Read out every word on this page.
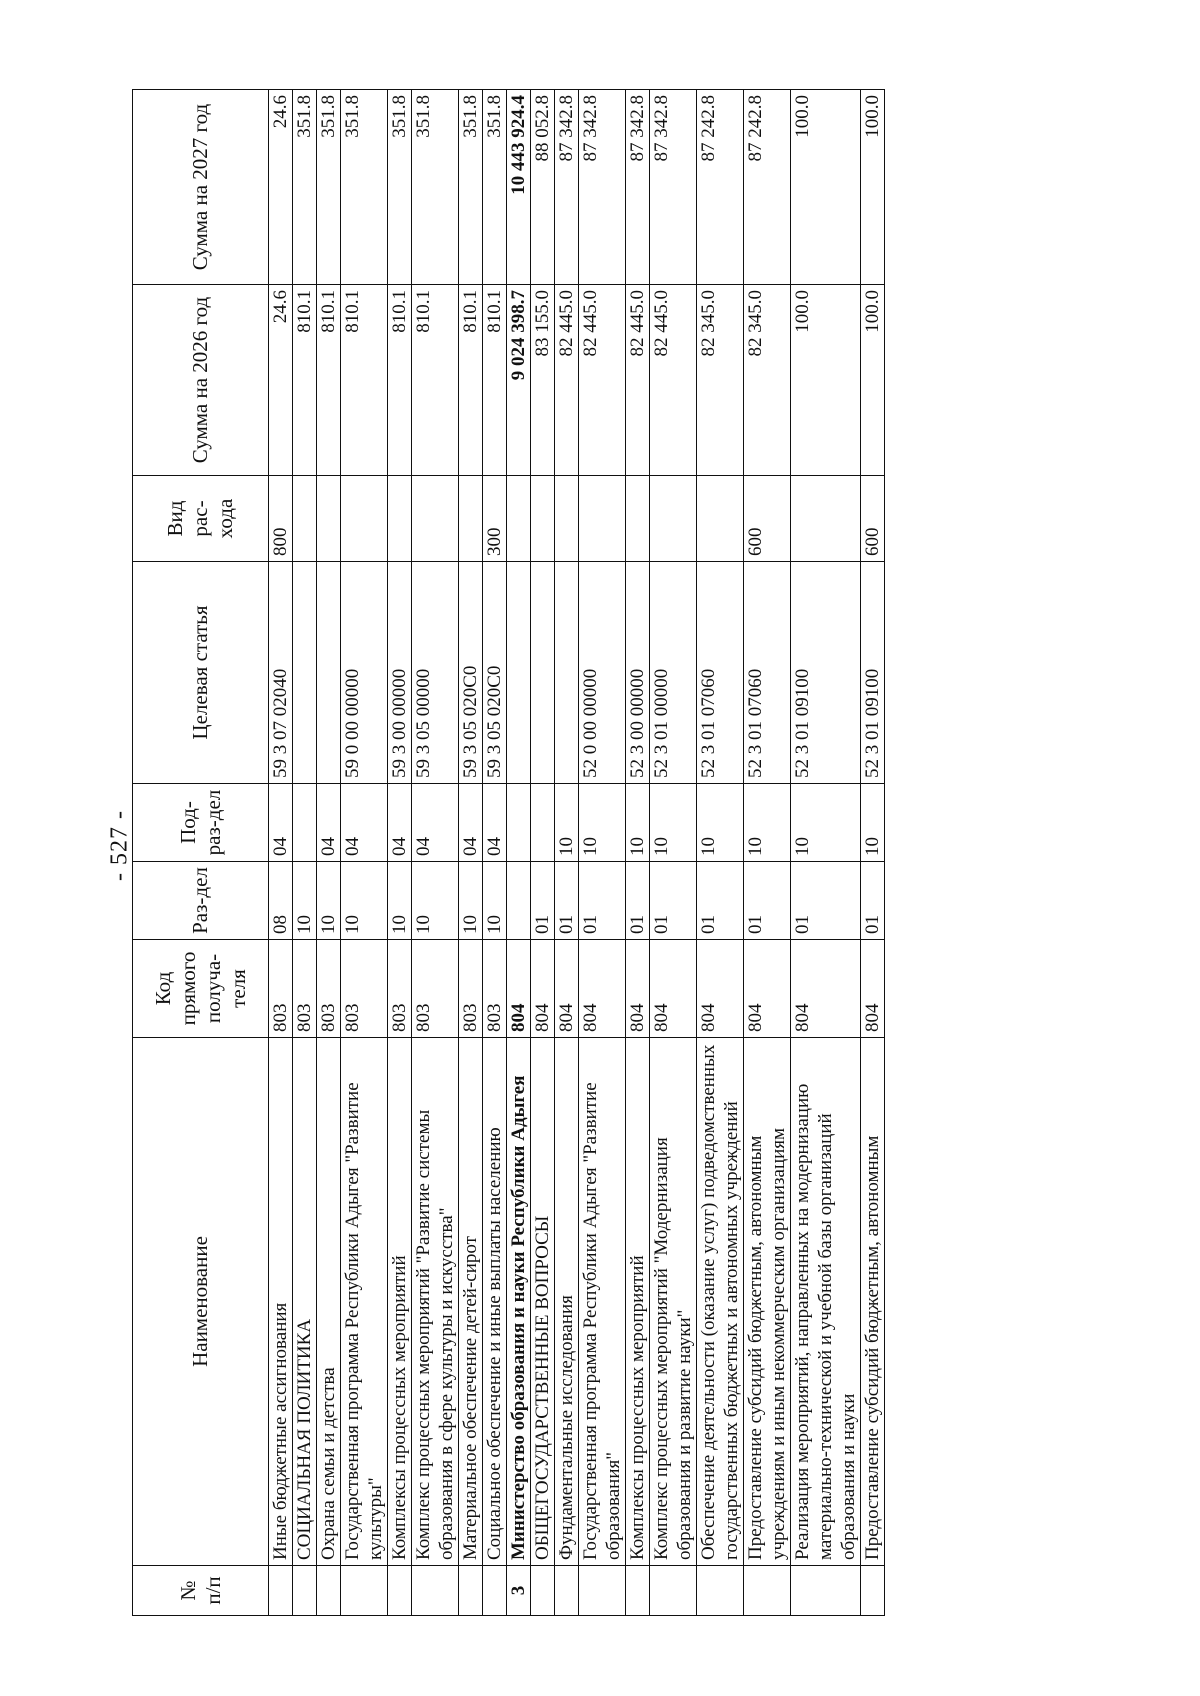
- 527 -
№ п/п	Наименование	Код прямого получа-теля	Раз-дел	Под-раз-дел	Целевая статья	Вид рас-хода	Сумма на 2026 год	Сумма на 2027 год
	Иные бюджетные ассигнования	803	08	04	59 3 07 02040	800	24.6	24.6
	СОЦИАЛЬНАЯ ПОЛИТИКА	803	10				810.1	351.8
	Охрана семьи и детства	803	10	04			810.1	351.8
	Государственная программа Республики Адыгея "Развитие культуры"	803	10	04	59 0 00 00000		810.1	351.8
	Комплексы процессных мероприятий	803	10	04	59 3 00 00000		810.1	351.8
	Комплекс процессных мероприятий "Развитие системы образования в сфере культуры и искусства"	803	10	04	59 3 05 00000		810.1	351.8
	Материальное обеспечение детей-сирот	803	10	04	59 3 05 020C0		810.1	351.8
	Социальное обеспечение и иные выплаты населению	803	10	04	59 3 05 020C0	300	810.1	351.8
3	Министерство образования и науки Республики Адыгея	804					9 024 398.7	10 443 924.4
	ОБЩЕГОСУДАРСТВЕННЫЕ ВОПРОСЫ	804	01				83 155.0	88 052.8
	Фундаментальные исследования	804	01	10			82 445.0	87 342.8
	Государственная программа Республики Адыгея "Развитие образования"	804	01	10	52 0 00 00000		82 445.0	87 342.8
	Комплексы процессных мероприятий	804	01	10	52 3 00 00000		82 445.0	87 342.8
	Комплекс процессных мероприятий "Модернизация образования и развитие науки"	804	01	10	52 3 01 00000		82 445.0	87 342.8
	Обеспечение деятельности (оказание услуг) подведомственных государственных бюджетных и автономных учреждений	804	01	10	52 3 01 07060		82 345.0	87 242.8
	Предоставление субсидий бюджетным, автономным учреждениям и иным некоммерческим организациям	804	01	10	52 3 01 07060	600	82 345.0	87 242.8
	Реализация мероприятий, направленных на модернизацию материально-технической и учебной базы организаций образования и науки	804	01	10	52 3 01 09100		100.0	100.0
	Предоставление субсидий бюджетным, автономным	804	01	10	52 3 01 09100	600	100.0	100.0
